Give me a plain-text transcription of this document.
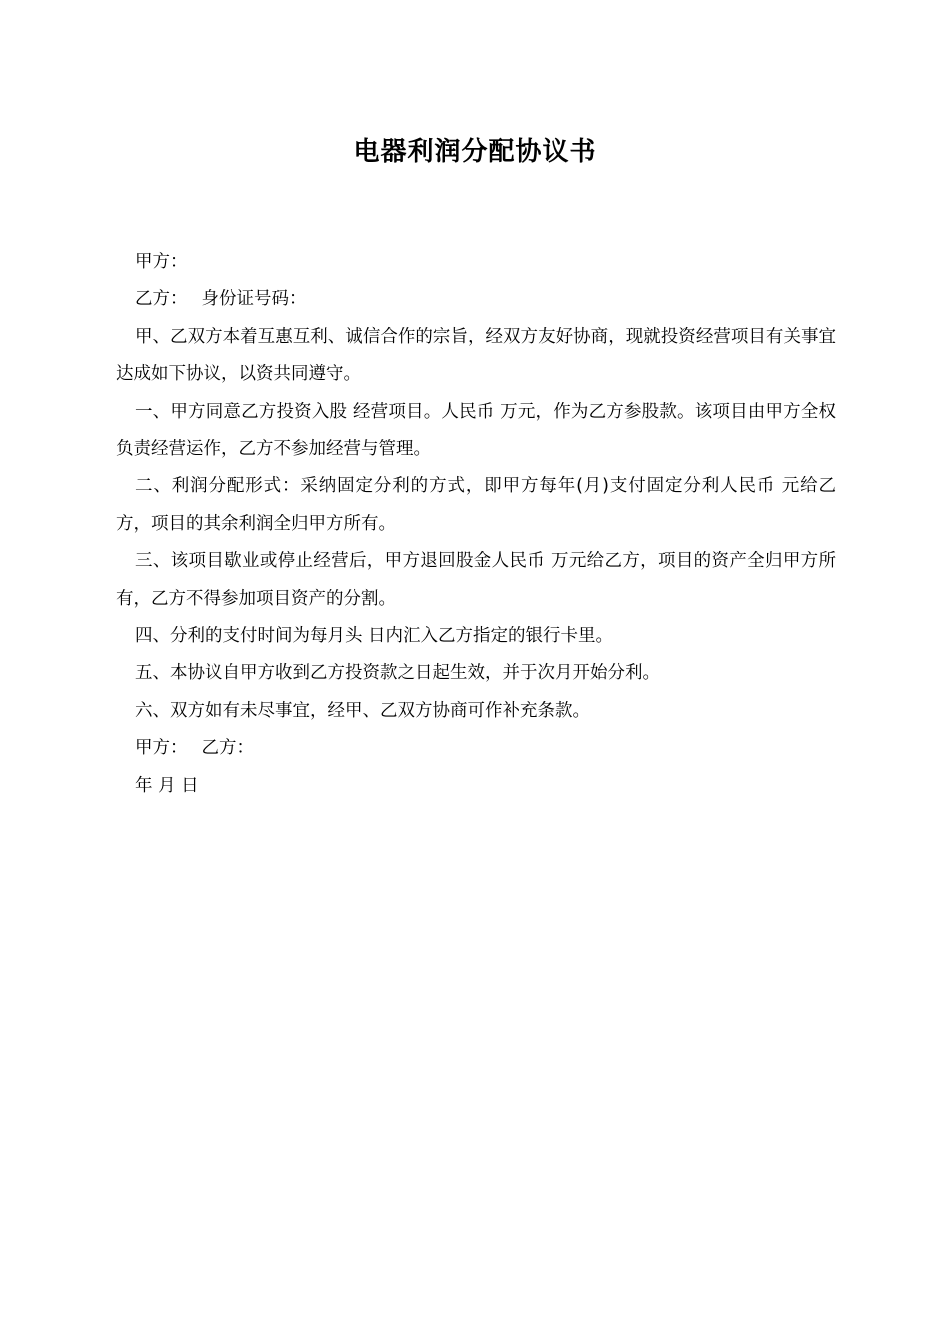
电器利润分配协议书

甲方：

乙方： 身份证号码：

甲、乙双方本着互惠互利、诚信合作的宗旨，经双方友好协商，现就投资经营项目有关事宜达成如下协议，以资共同遵守。

一、甲方同意乙方投资入股 经营项目。人民币 万元，作为乙方参股款。该项目由甲方全权负责经营运作，乙方不参加经营与管理。

二、利润分配形式：采纳固定分利的方式，即甲方每年(月)支付固定分利人民币 元给乙方，项目的其余利润全归甲方所有。

三、该项目歇业或停止经营后，甲方退回股金人民币 万元给乙方，项目的资产全归甲方所有，乙方不得参加项目资产的分割。

四、分利的支付时间为每月头 日内汇入乙方指定的银行卡里。

五、本协议自甲方收到乙方投资款之日起生效，并于次月开始分利。

六、双方如有未尽事宜，经甲、乙双方协商可作补充条款。

甲方： 乙方：

年 月 日
